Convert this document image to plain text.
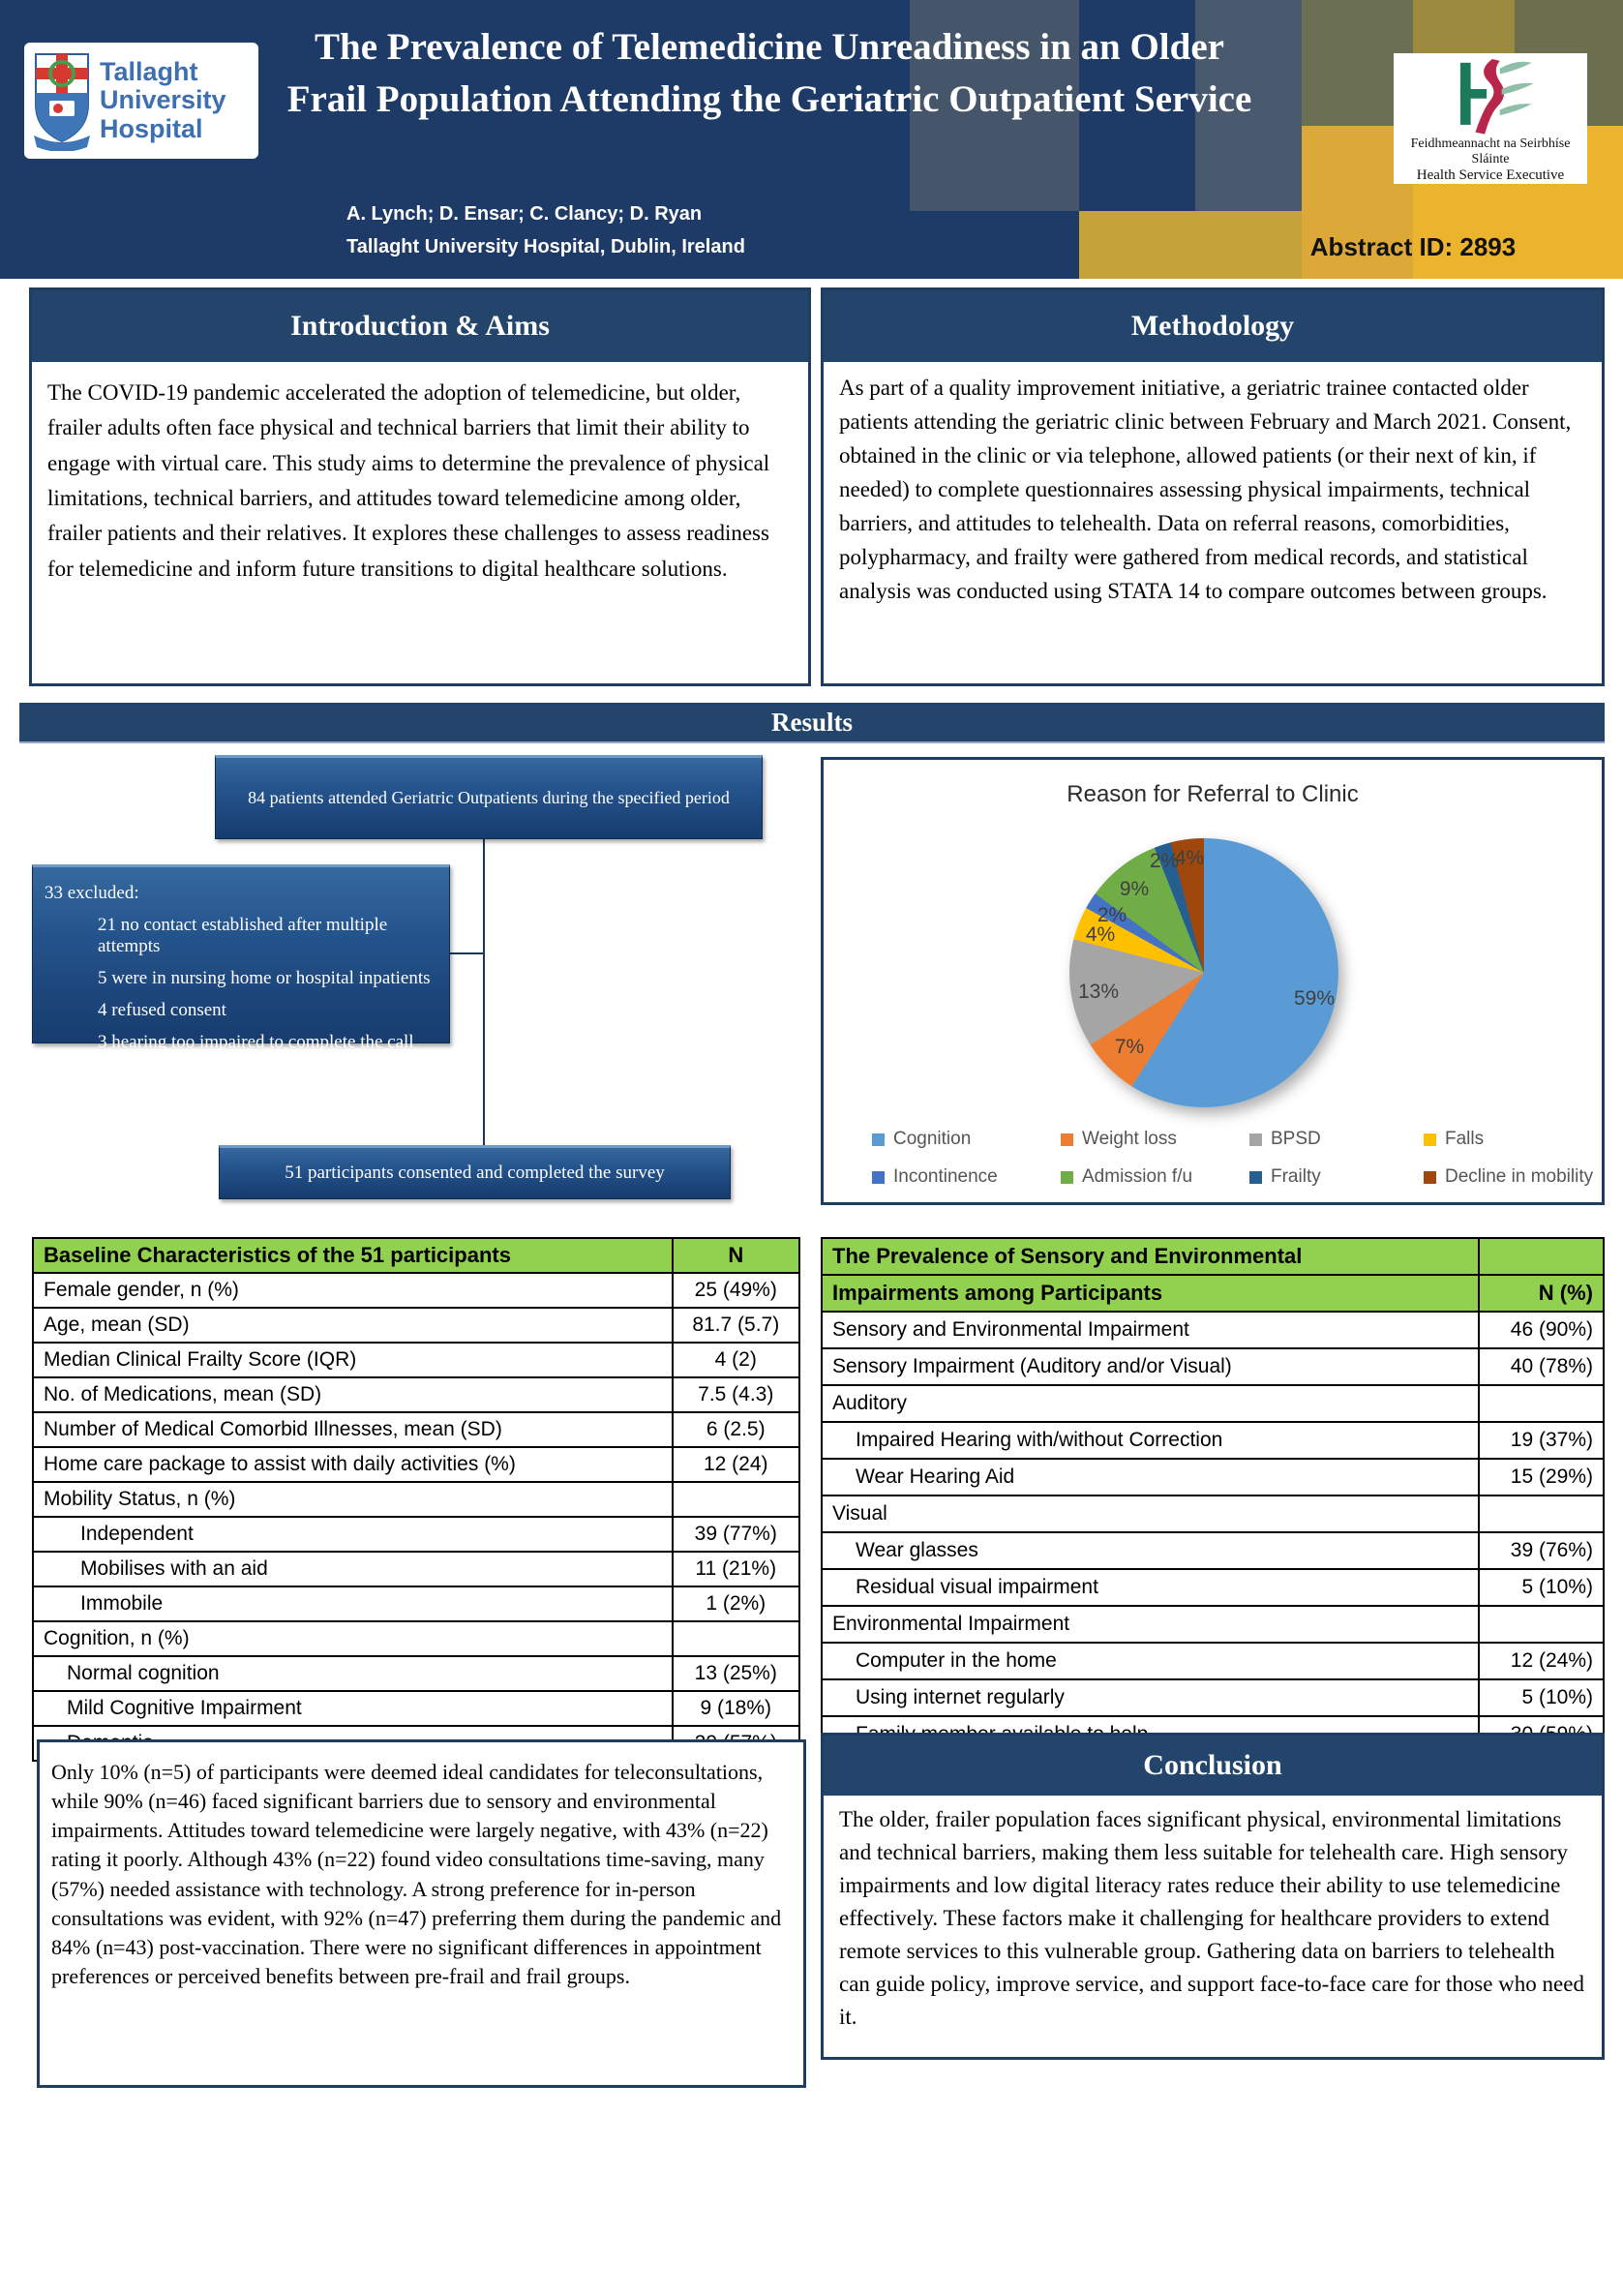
Tallaght
University
Hospital
Feidhmeannacht na Seirbhíse Sláinte
Health Service Executive
The Prevalence of Telemedicine Unreadiness in an Older Frail Population Attending the Geriatric Outpatient Service
A. Lynch; D. Ensar; C. Clancy; D. Ryan
Tallaght University Hospital, Dublin, Ireland	Abstract ID: 2893
Introduction & Aims
The COVID-19 pandemic accelerated the adoption of telemedicine, but older, frailer adults often face physical and technical barriers that limit their ability to engage with virtual care. This study aims to determine the prevalence of physical limitations, technical barriers, and attitudes toward telemedicine among older, frailer patients and their relatives. It explores these challenges to assess readiness for telemedicine and inform future transitions to digital healthcare solutions.
Methodology
As part of a quality improvement initiative, a geriatric trainee contacted older patients attending the geriatric clinic between February and March 2021. Consent, obtained in the clinic or via telephone, allowed patients (or their next of kin, if needed) to complete questionnaires assessing physical impairments, technical barriers, and attitudes to telehealth. Data on referral reasons, comorbidities, polypharmacy, and frailty were gathered from medical records, and statistical analysis was conducted using STATA 14 to compare outcomes between groups.
Results
84 patients attended Geriatric Outpatients during the specified period
33 excluded:
21 no contact established after multiple attempts
5 were in nursing home or hospital inpatients
4 refused consent
3 hearing too impaired to complete the call
51 participants consented and completed the survey
Reason for Referral to Clinic
59%
7%
13%
4%
2%
9%
2%
4%
Cognition	Weight loss	BPSD	Falls
Incontinence	Admission f/u	Frailty	Decline in mobility
Baseline Characteristics of the 51 participants	N
Female gender, n (%)	25 (49%)
Age, mean (SD)	81.7 (5.7)
Median Clinical Frailty Score (IQR)	4 (2)
No. of Medications, mean (SD)	7.5 (4.3)
Number of Medical Comorbid Illnesses, mean (SD)	6 (2.5)
Home care package to assist with daily activities (%)	12 (24)
Mobility Status, n (%)	
Independent	39 (77%)
Mobilises with an aid	11 (21%)
Immobile	1 (2%)
Cognition, n (%)	
Normal cognition	13 (25%)
Mild Cognitive Impairment	9 (18%)

The Prevalence of Sensory and Environmental	
Impairments among Participants	N (%)
Sensory and Environmental Impairment	46 (90%)
Sensory Impairment (Auditory and/or Visual)	40 (78%)
Auditory	
Impaired Hearing with/without Correction	19 (37%)
Wear Hearing Aid	15 (29%)
Visual	
Wear glasses	39 (76%)
Residual visual impairment	5 (10%)
Environmental Impairment	
Computer in the home	12 (24%)
Using internet regularly	5 (10%)

Only 10% (n=5) of participants were deemed ideal candidates for teleconsultations, while 90% (n=46) faced significant barriers due to sensory and environmental impairments. Attitudes toward telemedicine were largely negative, with 43% (n=22) rating it poorly. Although 43% (n=22) found video consultations time-saving, many (57%) needed assistance with technology. A strong preference for in-person consultations was evident, with 92% (n=47) preferring them during the pandemic and 84% (n=43) post-vaccination. There were no significant differences in appointment preferences or perceived benefits between pre-frail and frail groups.
Conclusion
The older, frailer population faces significant physical, environmental limitations and technical barriers, making them less suitable for telehealth care. High sensory impairments and low digital literacy rates reduce their ability to use telemedicine effectively. These factors make it challenging for healthcare providers to extend remote services to this vulnerable group. Gathering data on barriers to telehealth can guide policy, improve service, and support face-to-face care for those who need it.
